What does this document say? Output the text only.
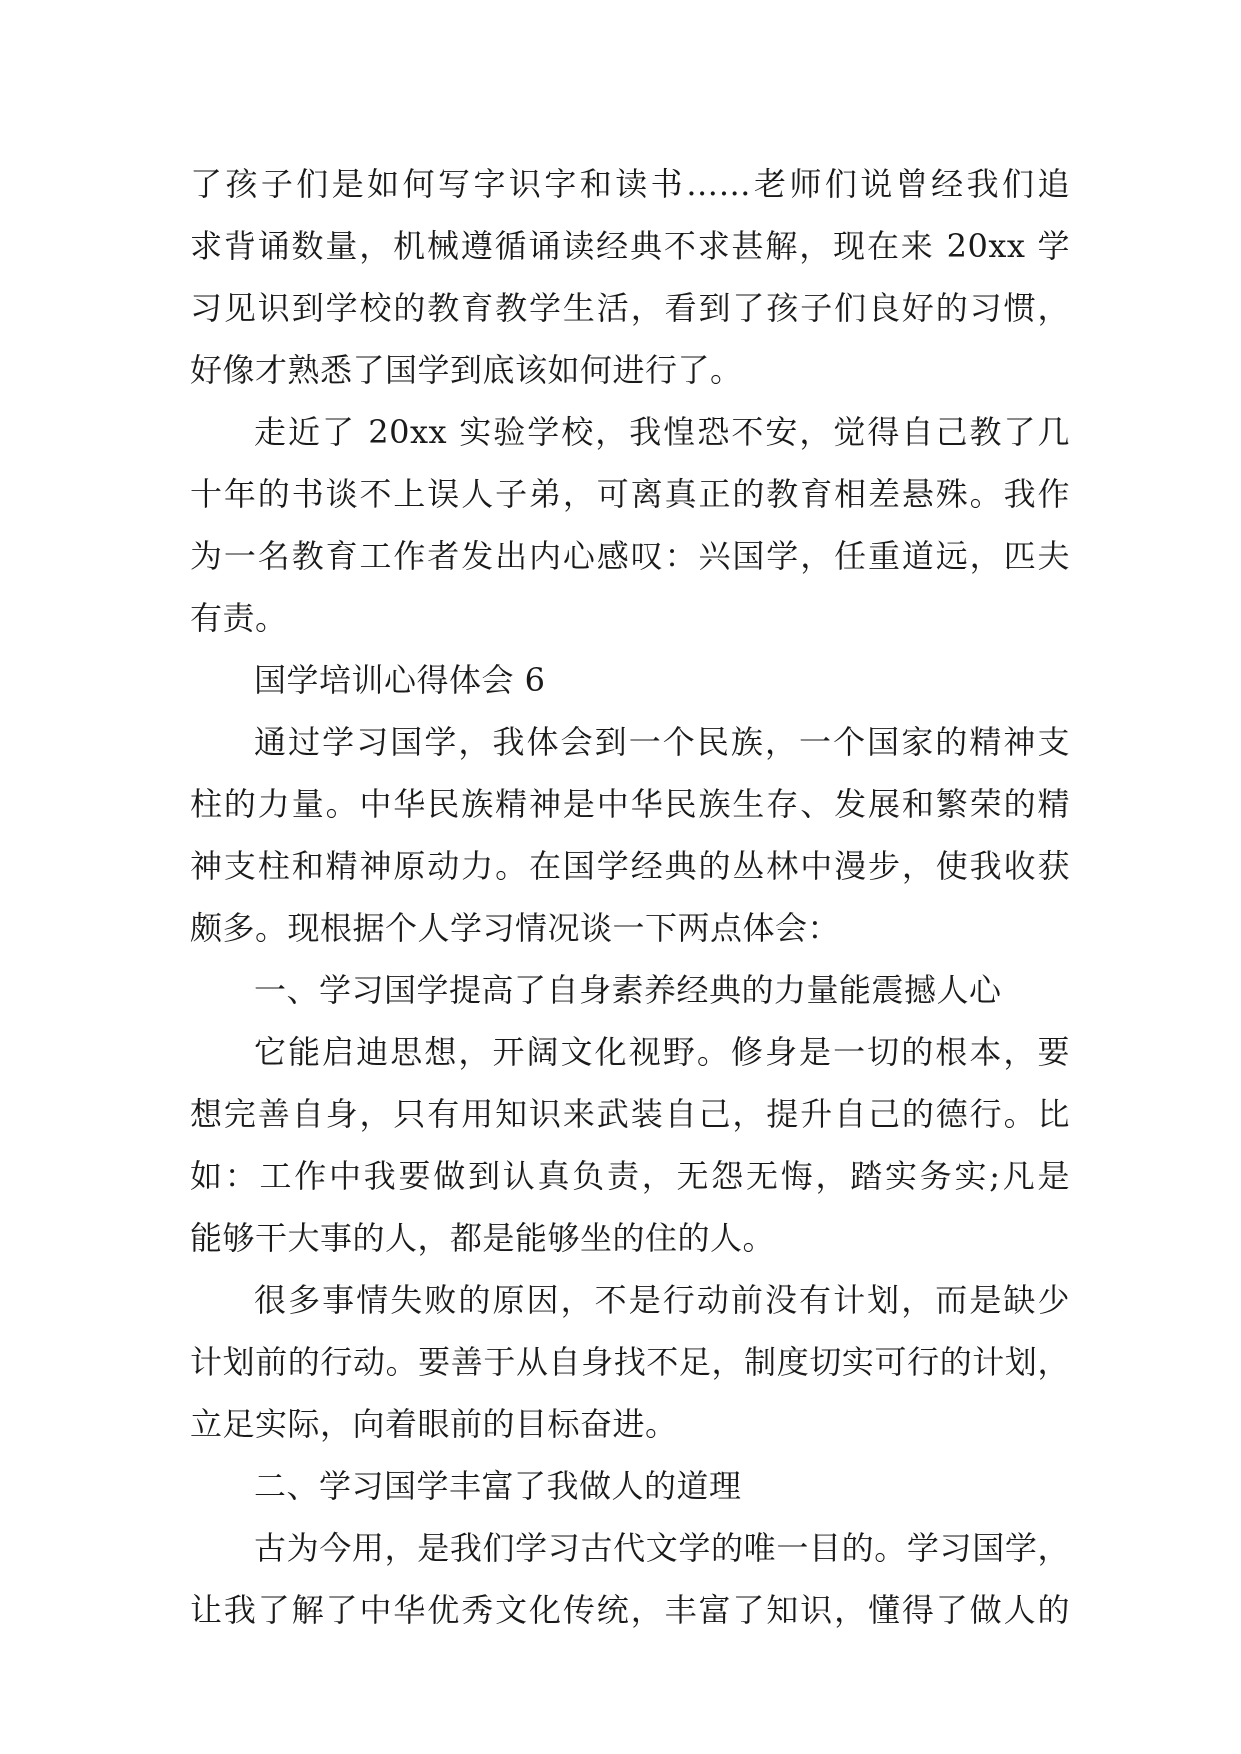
了孩子们是如何写字识字和读书……老师们说曾经我们追
求背诵数量，机械遵循诵读经典不求甚解，现在来 20xx 学
习见识到学校的教育教学生活，看到了孩子们良好的习惯，
好像才熟悉了国学到底该如何进行了。
走近了 20xx 实验学校，我惶恐不安，觉得自己教了几
十年的书谈不上误人子弟，可离真正的教育相差悬殊。我作
为一名教育工作者发出内心感叹：兴国学，任重道远，匹夫
有责。
国学培训心得体会 6
通过学习国学，我体会到一个民族，一个国家的精神支
柱的力量。中华民族精神是中华民族生存、发展和繁荣的精
神支柱和精神原动力。在国学经典的丛林中漫步，使我收获
颇多。现根据个人学习情况谈一下两点体会：
一、学习国学提高了自身素养经典的力量能震撼人心
它能启迪思想，开阔文化视野。修身是一切的根本，要
想完善自身，只有用知识来武装自己，提升自己的德行。比
如：工作中我要做到认真负责，无怨无悔，踏实务实;凡是
能够干大事的人，都是能够坐的住的人。
很多事情失败的原因，不是行动前没有计划，而是缺少
计划前的行动。要善于从自身找不足，制度切实可行的计划，
立足实际，向着眼前的目标奋进。
二、学习国学丰富了我做人的道理
古为今用，是我们学习古代文学的唯一目的。学习国学，
让我了解了中华优秀文化传统，丰富了知识，懂得了做人的
